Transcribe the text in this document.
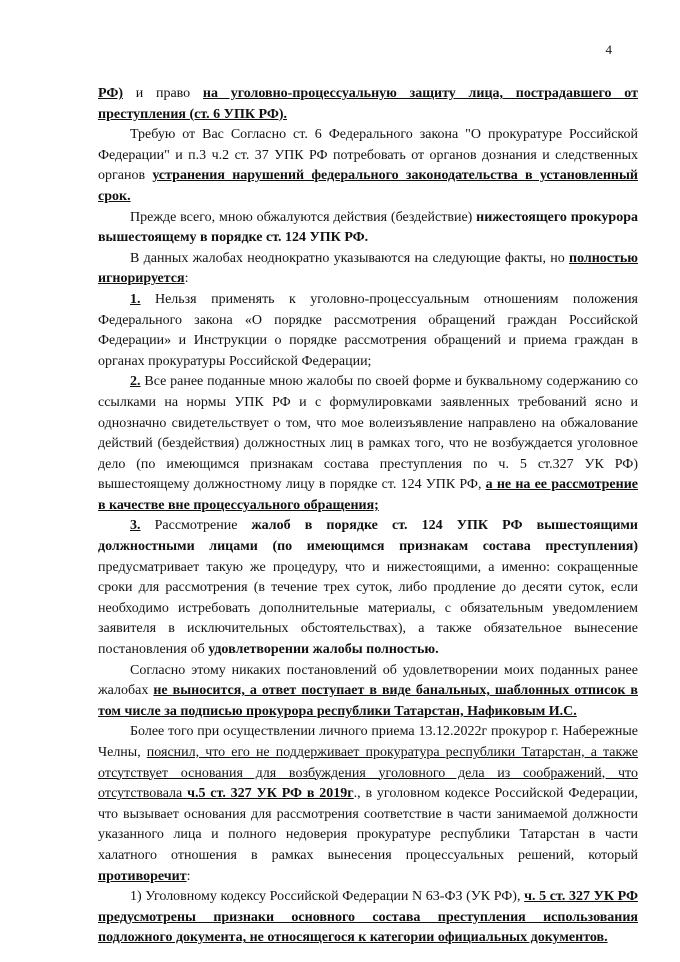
4

РФ) и право на уголовно-процессуальную защиту лица, пострадавшего от преступления (ст. 6 УПК РФ).

Требую от Вас Согласно ст. 6 Федерального закона "О прокуратуре Российской Федерации" и п.3 ч.2 ст. 37 УПК РФ потребовать от органов дознания и следственных органов устранения нарушений федерального законодательства в установленный срок.

Прежде всего, мною обжалуются действия (бездействие) нижестоящего прокурора вышестоящему в порядке ст. 124 УПК РФ.

В данных жалобах неоднократно указываются на следующие факты, но полностью игнорируется:

1. Нельзя применять к уголовно-процессуальным отношениям положения Федерального закона «О порядке рассмотрения обращений граждан Российской Федерации» и Инструкции о порядке рассмотрения обращений и приема граждан в органах прокуратуры Российской Федерации;

2. Все ранее поданные мною жалобы по своей форме и буквальному содержанию со ссылками на нормы УПК РФ и с формулировками заявленных требований ясно и однозначно свидетельствует о том, что мое волеизъявление направлено на обжалование действий (бездействия) должностных лиц в рамках того, что не возбуждается уголовное дело (по имеющимся признакам состава преступления по ч. 5 ст.327 УК РФ) вышестоящему должностному лицу в порядке ст. 124 УПК РФ, а не на ее рассмотрение в качестве вне процессуального обращения;

3. Рассмотрение жалоб в порядке ст. 124 УПК РФ вышестоящими должностными лицами (по имеющимся признакам состава преступления) предусматривает такую же процедуру, что и нижестоящими, а именно: сокращенные сроки для рассмотрения (в течение трех суток, либо продление до десяти суток, если необходимо истребовать дополнительные материалы, с обязательным уведомлением заявителя в исключительных обстоятельствах), а также обязательное вынесение постановления об удовлетворении жалобы полностью.

Согласно этому никаких постановлений об удовлетворении моих поданных ранее жалобах не выносится, а ответ поступает в виде банальных, шаблонных отписок в том числе за подписью прокурора республики Татарстан, Нафиковым И.С.

Более того при осуществлении личного приема 13.12.2022г прокурор г. Набережные Челны, пояснил, что его не поддерживает прокуратура республики Татарстан, а также отсутствует основания для возбуждения уголовного дела из соображений, что отсутствовала ч.5 ст. 327 УК РФ в 2019г., в уголовном кодексе Российской Федерации, что вызывает основания для рассмотрения соответствие в части занимаемой должности указанного лица и полного недоверия прокуратуре республики Татарстан в части халатного отношения в рамках вынесения процессуальных решений, который противоречит:

1) Уголовному кодексу Российской Федерации N 63-ФЗ (УК РФ), ч. 5 ст. 327 УК РФ предусмотрены признаки основного состава преступления использования подложного документа, не относящегося к категории официальных документов.
